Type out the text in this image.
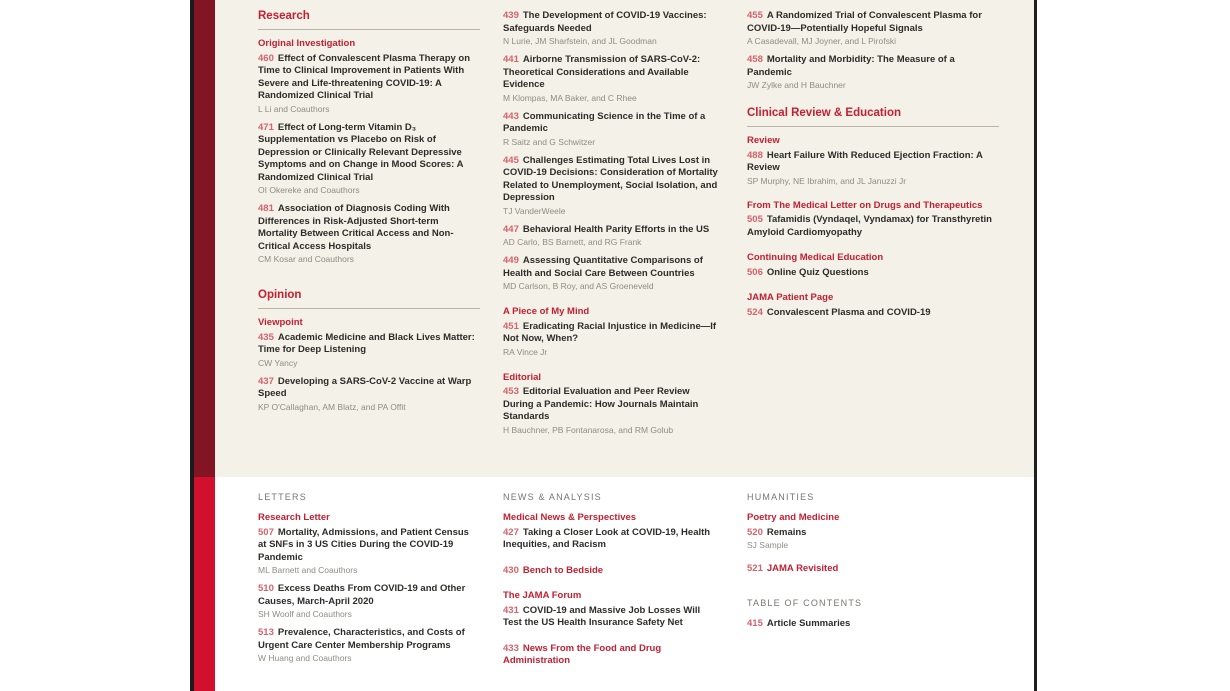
Research
Original Investigation
460 Effect of Convalescent Plasma Therapy on Time to Clinical Improvement in Patients With Severe and Life-threatening COVID-19: A Randomized Clinical Trial
L Li and Coauthors
471 Effect of Long-term Vitamin D₃ Supplementation vs Placebo on Risk of Depression or Clinically Relevant Depressive Symptoms and on Change in Mood Scores: A Randomized Clinical Trial
OI Okereke and Coauthors
481 Association of Diagnosis Coding With Differences in Risk-Adjusted Short-term Mortality Between Critical Access and Non-Critical Access Hospitals
CM Kosar and Coauthors
Opinion
Viewpoint
435 Academic Medicine and Black Lives Matter: Time for Deep Listening
CW Yancy
437 Developing a SARS-CoV-2 Vaccine at Warp Speed
KP O'Callaghan, AM Blatz, and PA Offit
439 The Development of COVID-19 Vaccines: Safeguards Needed
N Lurie, JM Sharfstein, and JL Goodman
441 Airborne Transmission of SARS-CoV-2: Theoretical Considerations and Available Evidence
M Klompas, MA Baker, and C Rhee
443 Communicating Science in the Time of a Pandemic
R Saitz and G Schwitzer
445 Challenges Estimating Total Lives Lost in COVID-19 Decisions: Consideration of Mortality Related to Unemployment, Social Isolation, and Depression
TJ VanderWeele
447 Behavioral Health Parity Efforts in the US
AD Carlo, BS Barnett, and RG Frank
449 Assessing Quantitative Comparisons of Health and Social Care Between Countries
MD Carlson, B Roy, and AS Groeneveld
A Piece of My Mind
451 Eradicating Racial Injustice in Medicine—If Not Now, When?
RA Vince Jr
Editorial
453 Editorial Evaluation and Peer Review During a Pandemic: How Journals Maintain Standards
H Bauchner, PB Fontanarosa, and RM Golub
455 A Randomized Trial of Convalescent Plasma for COVID-19—Potentially Hopeful Signals
A Casadevall, MJ Joyner, and L Pirofski
458 Mortality and Morbidity: The Measure of a Pandemic
JW Zylke and H Bauchner
Clinical Review & Education
Review
488 Heart Failure With Reduced Ejection Fraction: A Review
SP Murphy, NE Ibrahim, and JL Januzzi Jr
From The Medical Letter on Drugs and Therapeutics
505 Tafamidis (Vyndaqel, Vyndamax) for Transthyretin Amyloid Cardiomyopathy
Continuing Medical Education
506 Online Quiz Questions
JAMA Patient Page
524 Convalescent Plasma and COVID-19
LETTERS
Research Letter
507 Mortality, Admissions, and Patient Census at SNFs in 3 US Cities During the COVID-19 Pandemic
ML Barnett and Coauthors
510 Excess Deaths From COVID-19 and Other Causes, March-April 2020
SH Woolf and Coauthors
513 Prevalence, Characteristics, and Costs of Urgent Care Center Membership Programs
W Huang and Coauthors
NEWS & ANALYSIS
Medical News & Perspectives
427 Taking a Closer Look at COVID-19, Health Inequities, and Racism
430 Bench to Bedside
The JAMA Forum
431 COVID-19 and Massive Job Losses Will Test the US Health Insurance Safety Net
433 News From the Food and Drug Administration
HUMANITIES
Poetry and Medicine
520 Remains
SJ Sample
521 JAMA Revisited
TABLE OF CONTENTS
415 Article Summaries
